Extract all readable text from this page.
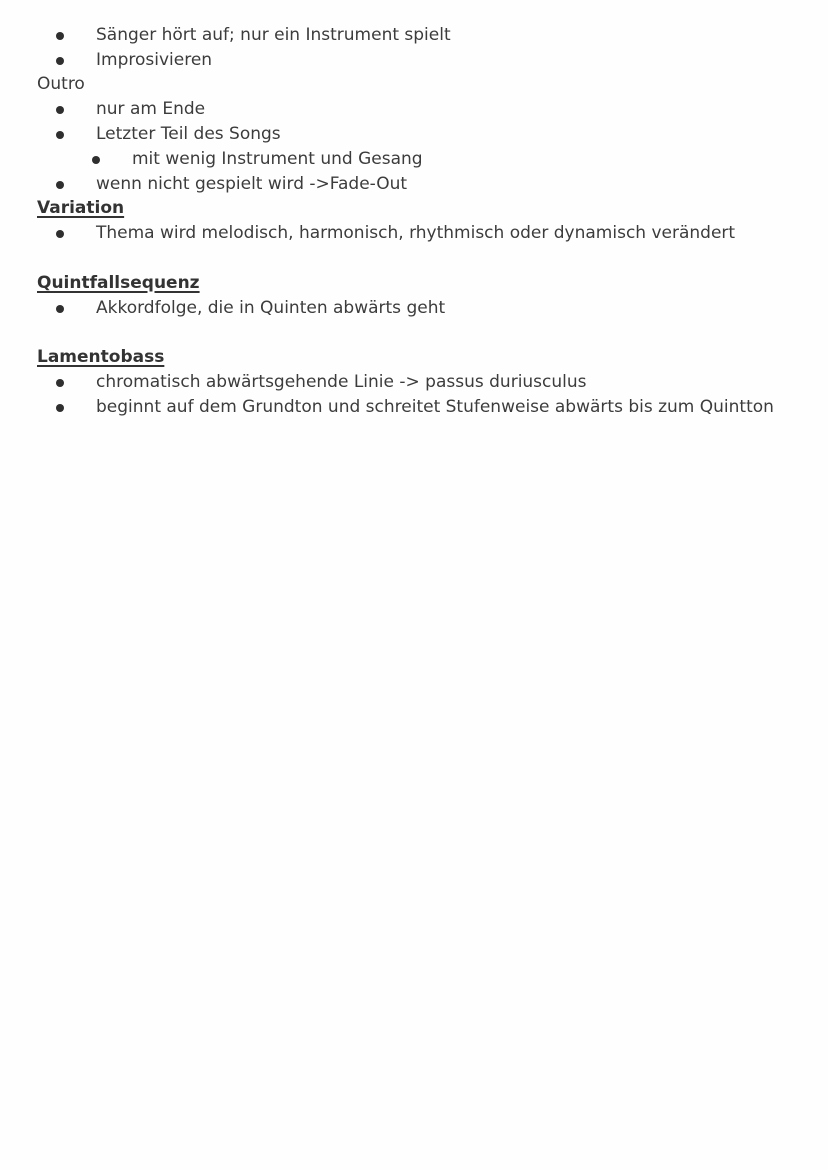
Sänger hört auf; nur ein Instrument spielt
Improsivieren
Outro
nur am Ende
Letzter Teil des Songs
mit wenig Instrument und Gesang
wenn nicht gespielt wird ->Fade-Out
Variation
Thema wird melodisch, harmonisch, rhythmisch oder dynamisch verändert
Quintfallsequenz
Akkordfolge, die in Quinten abwärts geht
Lamentobass
chromatisch abwärtsgehende Linie -> passus duriusculus
beginnt auf dem Grundton und schreitet Stufenweise abwärts bis zum Quintton
